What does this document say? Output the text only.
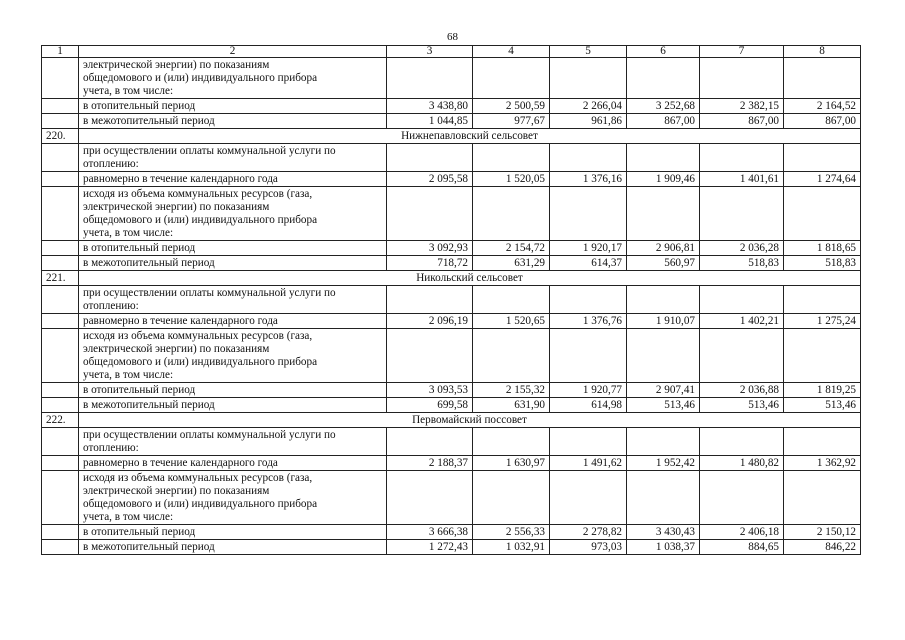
68
1	2	3	4	5	6	7	8

	электрической энергии) по показаниям
общедомового и (или) индивидуального прибора
учета, в том числе:						

	в отопительный период	3 438,80	2 500,59	2 266,04	3 252,68	2 382,15	2 164,52
	в межотопительный период	1 044,85	977,67	961,86	867,00	867,00	867,00
220.	Нижнепавловский сельсовет						

	при осуществлении оплаты коммунальной услуги по
отоплению:						

	равномерно в течение календарного года	2 095,58	1 520,05	1 376,16	1 909,46	1 401,61	1 274,64

	исходя из объема коммунальных ресурсов (газа,
электрической энергии) по показаниям
общедомового и (или) индивидуального прибора
учета, в том числе:						

	в отопительный период	3 092,93	2 154,72	1 920,17	2 906,81	2 036,28	1 818,65
	в межотопительный период	718,72	631,29	614,37	560,97	518,83	518,83
221.	Никольский сельсовет						

	при осуществлении оплаты коммунальной услуги по
отоплению:						

	равномерно в течение календарного года	2 096,19	1 520,65	1 376,76	1 910,07	1 402,21	1 275,24

	исходя из объема коммунальных ресурсов (газа,
электрической энергии) по показаниям
общедомового и (или) индивидуального прибора
учета, в том числе:						

	в отопительный период	3 093,53	2 155,32	1 920,77	2 907,41	2 036,88	1 819,25
	в межотопительный период	699,58	631,90	614,98	513,46	513,46	513,46
222.	Первомайский поссовет						

	при осуществлении оплаты коммунальной услуги по
отоплению:						

	равномерно в течение календарного года	2 188,37	1 630,97	1 491,62	1 952,42	1 480,82	1 362,92

	исходя из объема коммунальных ресурсов (газа,
электрической энергии) по показаниям
общедомового и (или) индивидуального прибора
учета, в том числе:						

	в отопительный период	3 666,38	2 556,33	2 278,82	3 430,43	2 406,18	2 150,12
	в межотопительный период	1 272,43	1 032,91	973,03	1 038,37	884,65	846,22
